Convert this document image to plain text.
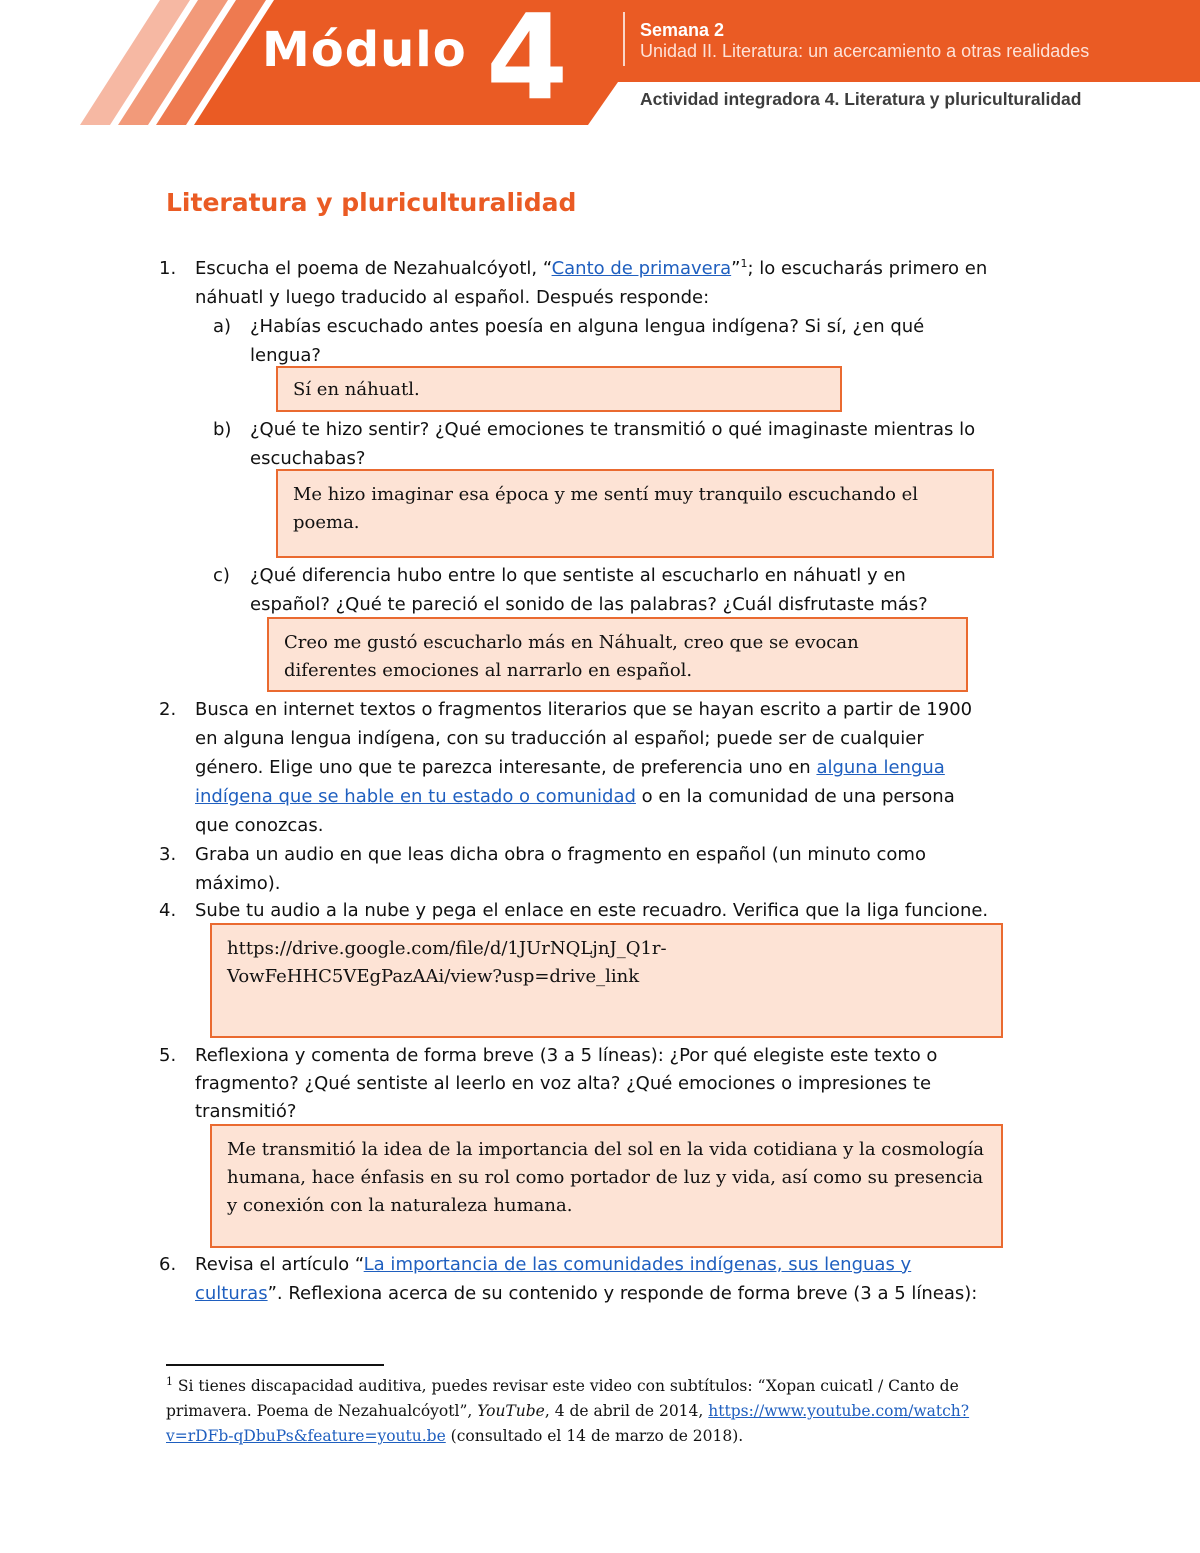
Módulo 4	Semana 2
Unidad II. Literatura: un acercamiento a otras realidades
Actividad integradora 4. Literatura y pluriculturalidad
Literatura y pluriculturalidad
1. Escucha el poema de Nezahualcóyotl, “Canto de primavera”$^1$; lo escucharás primero en

náhuatl y luego traducido al español. Después responde:

a) ¿Habías escuchado antes poesía en alguna lengua indígena? Si sí, ¿en qué

lengua?

Sí en náhuatl.
b) ¿Qué te hizo sentir? ¿Qué emociones te transmitió o qué imaginaste mientras lo

escuchabas?

Me hizo imaginar esa época y me sentí muy tranquilo escuchando el poema.
c) ¿Qué diferencia hubo entre lo que sentiste al escucharlo en náhuatl y en

español? ¿Qué te pareció el sonido de las palabras? ¿Cuál disfrutaste más?

Creo me gustó escucharlo más en Náhualt, creo que se evocan diferentes emociones al narrarlo en español.
2. Busca en internet textos o fragmentos literarios que se hayan escrito a partir de 1900

en alguna lengua indígena, con su traducción al español; puede ser de cualquier

género. Elige uno que te parezca interesante, de preferencia uno en alguna lengua

indígena que se hable en tu estado o comunidad o en la comunidad de una persona

que conozcas.

3. Graba un audio en que leas dicha obra o fragmento en español (un minuto como

máximo).

4. Sube tu audio a la nube y pega el enlace en este recuadro. Verifica que la liga funcione.

https://drive.google.com/file/d/1JUrNQLjnJ_Q1r-
VowFeHHC5VEgPazAAi/view?usp=drive_link
5. Reflexiona y comenta de forma breve (3 a 5 líneas): ¿Por qué elegiste este texto o

fragmento? ¿Qué sentiste al leerlo en voz alta? ¿Qué emociones o impresiones te

transmitió?

Me transmitió la idea de la importancia del sol en la vida cotidiana y la cosmología humana, hace énfasis en su rol como portador de luz y vida, así como su presencia y conexión con la naturaleza humana.
6. Revisa el artículo “La importancia de las comunidades indígenas, sus lenguas y

culturas”. Reflexiona acerca de su contenido y responde de forma breve (3 a 5 líneas):

$^1$ Si tienes discapacidad auditiva, puedes revisar este video con subtítulos: “Xopan cuicatl / Canto de
primavera. Poema de Nezahualcóyotl”, YouTube, 4 de abril de 2014, https://www.youtube.com/watch?
v=rDFb-qDbuPs&feature=youtu.be (consultado el 14 de marzo de 2018).
